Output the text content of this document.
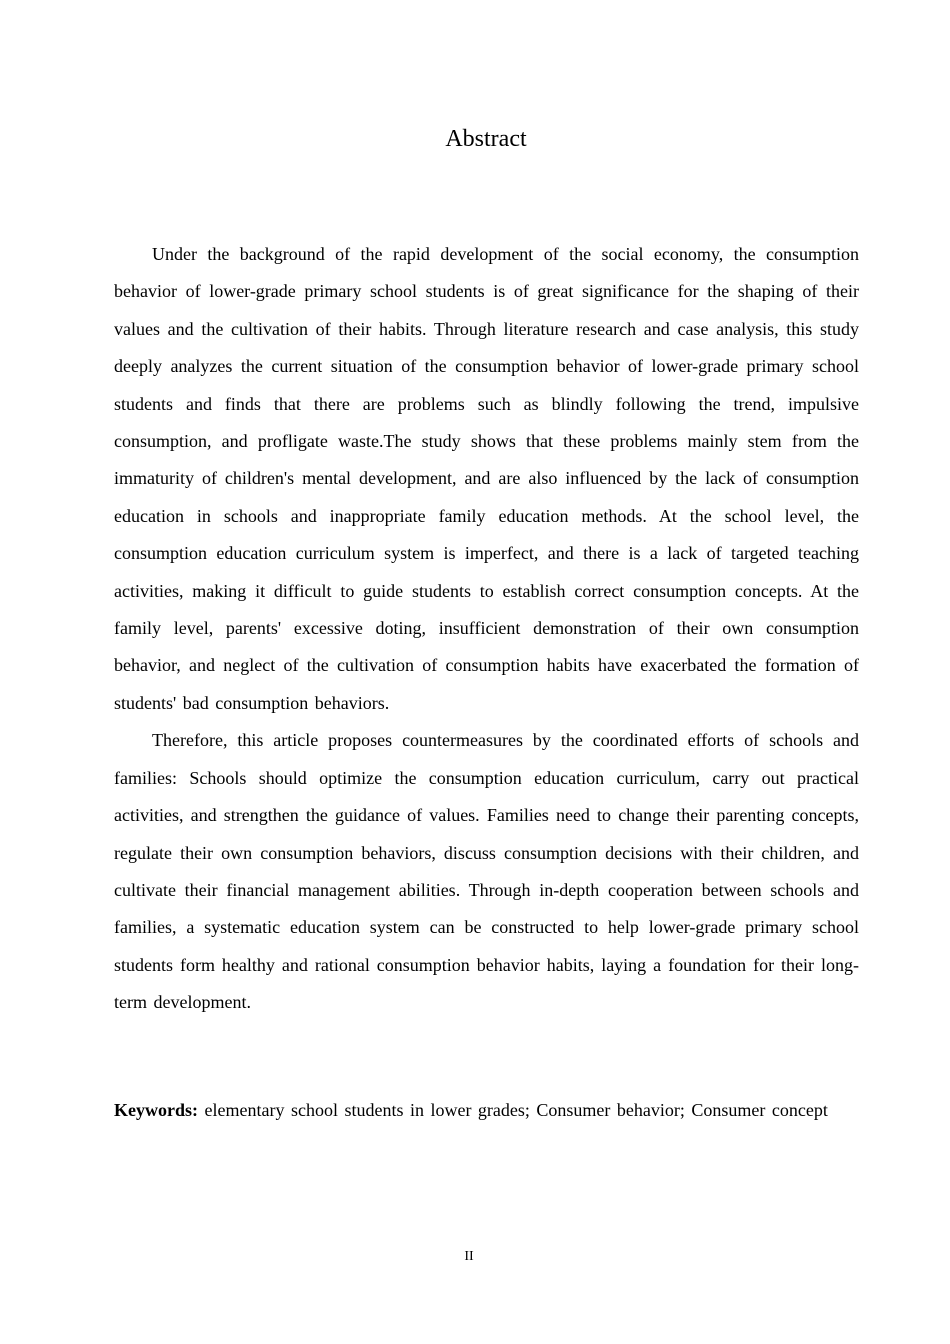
Abstract

Under the background of the rapid development of the social economy, the consumption behavior of lower-grade primary school students is of great significance for the shaping of their values and the cultivation of their habits. Through literature research and case analysis, this study deeply analyzes the current situation of the consumption behavior of lower-grade primary school students and finds that there are problems such as blindly following the trend, impulsive consumption, and profligate waste.The study shows that these problems mainly stem from the immaturity of children's mental development, and are also influenced by the lack of consumption education in schools and inappropriate family education methods. At the school level, the consumption education curriculum system is imperfect, and there is a lack of targeted teaching activities, making it difficult to guide students to establish correct consumption concepts. At the family level, parents' excessive doting, insufficient demonstration of their own consumption behavior, and neglect of the cultivation of consumption habits have exacerbated the formation of students' bad consumption behaviors.

Therefore, this article proposes countermeasures by the coordinated efforts of schools and families: Schools should optimize the consumption education curriculum, carry out practical activities, and strengthen the guidance of values. Families need to change their parenting concepts, regulate their own consumption behaviors, discuss consumption decisions with their children, and cultivate their financial management abilities. Through in-depth cooperation between schools and families, a systematic education system can be constructed to help lower-grade primary school students form healthy and rational consumption behavior habits, laying a foundation for their long-term development.

Keywords: elementary school students in lower grades; Consumer behavior; Consumer concept

II
